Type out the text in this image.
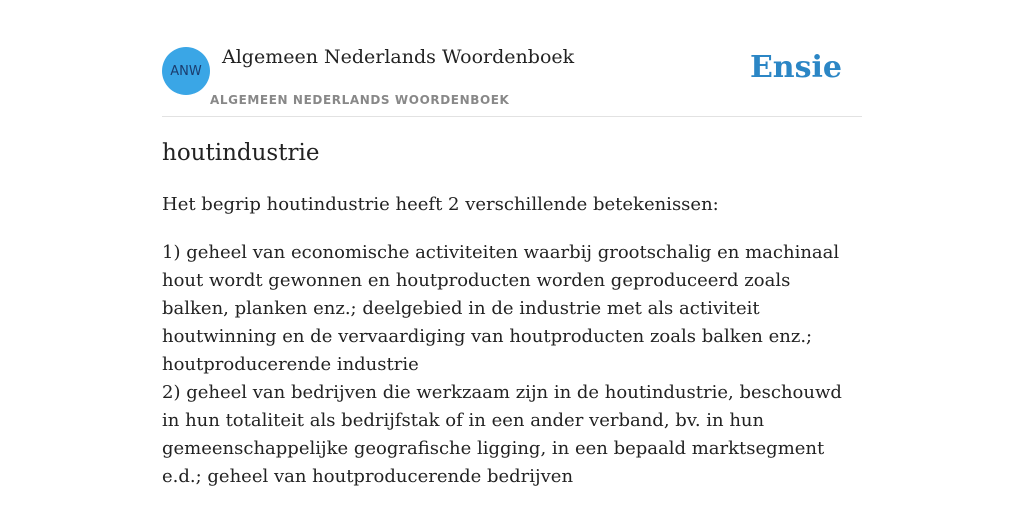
ANW
Algemeen Nederlands Woordenboek
ALGEMEEN NEDERLANDS WOORDENBOEK
Ensie
houtindustrie

Het begrip houtindustrie heeft 2 verschillende betekenissen:

1) geheel van economische activiteiten waarbij grootschalig en machinaal hout wordt gewonnen en houtproducten worden geproduceerd zoals balken, planken enz.; deelgebied in de industrie met als activiteit houtwinning en de vervaardiging van houtproducten zoals balken enz.; houtproducerende industrie
2) geheel van bedrijven die werkzaam zijn in de houtindustrie, beschouwd in hun totaliteit als bedrijfstak of in een ander verband, bv. in hun gemeenschappelijke geografische ligging, in een bepaald marktsegment e.d.; geheel van houtproducerende bedrijven
